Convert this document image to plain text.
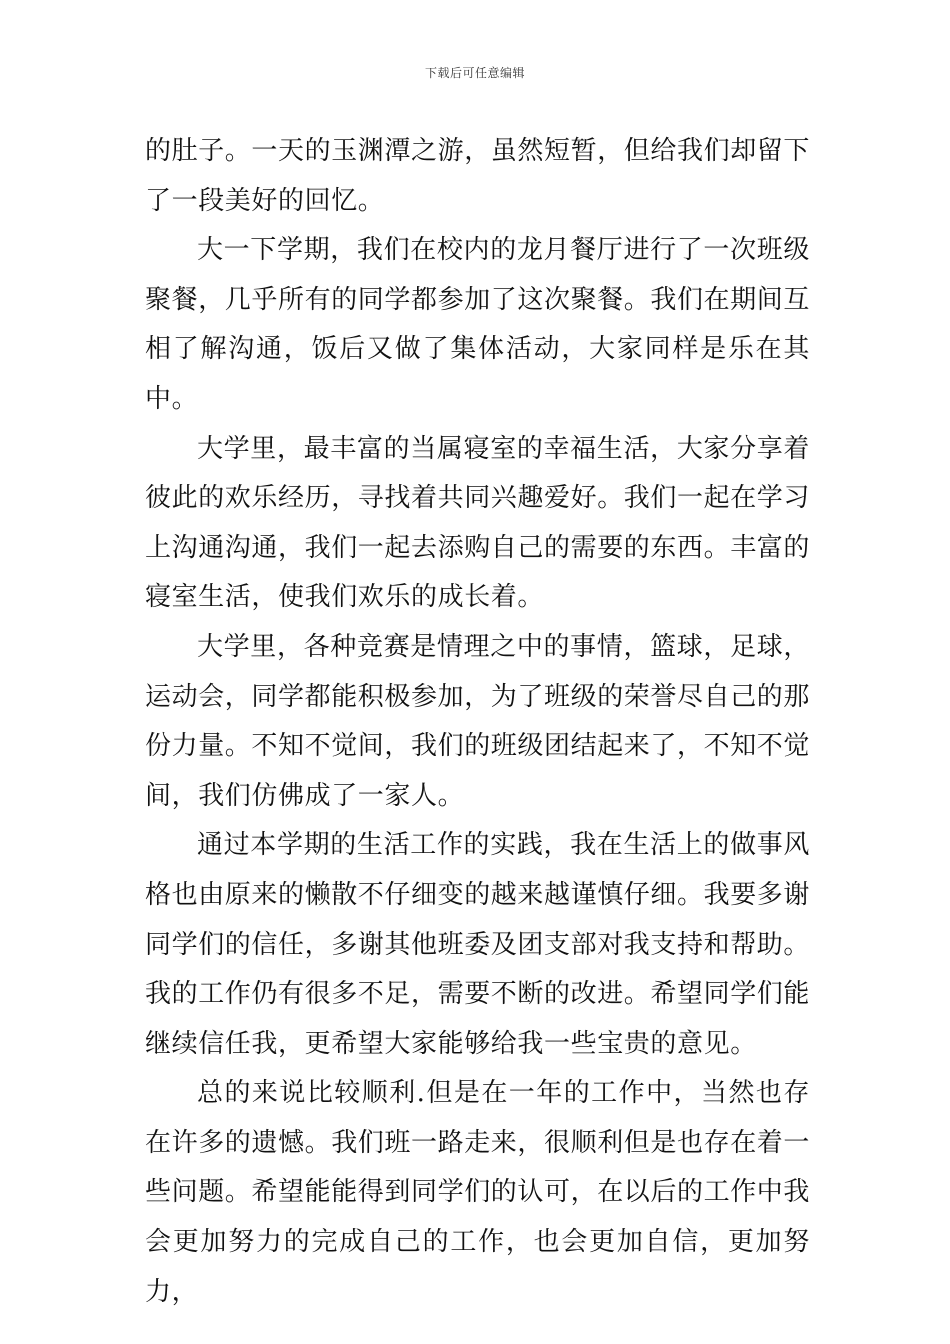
下载后可任意编辑

的肚子。一天的玉渊潭之游，虽然短暂，但给我们却留下了一段美好的回忆。

大一下学期，我们在校内的龙月餐厅进行了一次班级聚餐，几乎所有的同学都参加了这次聚餐。我们在期间互相了解沟通，饭后又做了集体活动，大家同样是乐在其中。

大学里，最丰富的当属寝室的幸福生活，大家分享着彼此的欢乐经历，寻找着共同兴趣爱好。我们一起在学习上沟通沟通，我们一起去添购自己的需要的东西。丰富的寝室生活，使我们欢乐的成长着。

大学里，各种竞赛是情理之中的事情，篮球，足球，运动会，同学都能积极参加，为了班级的荣誉尽自己的那份力量。不知不觉间，我们的班级团结起来了，不知不觉间，我们仿佛成了一家人。

通过本学期的生活工作的实践，我在生活上的做事风格也由原来的懒散不仔细变的越来越谨慎仔细。我要多谢同学们的信任，多谢其他班委及团支部对我支持和帮助。我的工作仍有很多不足，需要不断的改进。希望同学们能继续信任我，更希望大家能够给我一些宝贵的意见。

总的来说比较顺利.但是在一年的工作中，当然也存在许多的遗憾。我们班一路走来，很顺利但是也存在着一些问题。希望能能得到同学们的认可，在以后的工作中我会更加努力的完成自己的工作，也会更加自信，更加努力，
